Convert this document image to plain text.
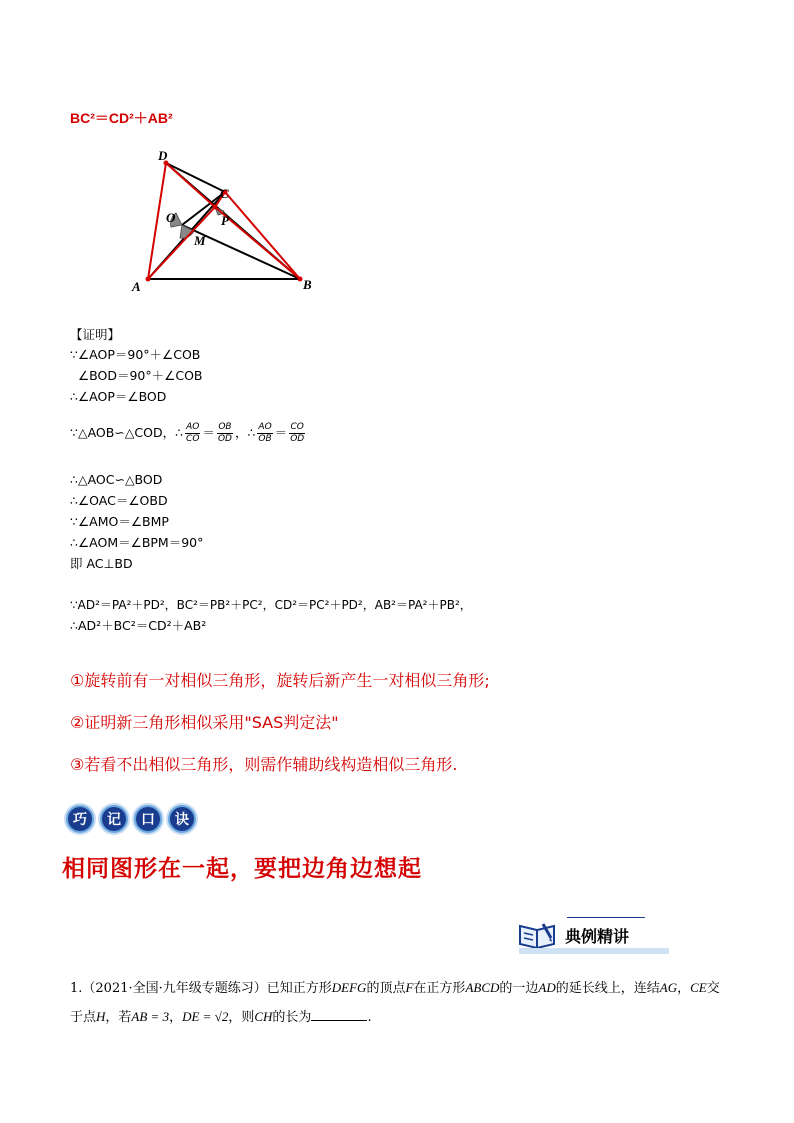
BC²＝CD²＋AB²
D
C
O	P
M
A	B
【证明】
∵∠AOP＝90°＋∠COB
∠BOD＝90°＋∠COB
∴∠AOP＝∠BOD
∵△AOB∽△COD，∴ $\frac{AO}{CO} = \frac{OB}{OD}$ ，∴ $\frac{AO}{OB} = \frac{CO}{OD}$
∴△AOC∽△BOD
∴∠OAC＝∠OBD
∵∠AMO＝∠BMP
∴∠AOM＝∠BPM＝90°
即 AC⊥BD
∵AD²＝PA²＋PD²，BC²＝PB²＋PC²，CD²＝PC²＋PD²，AB²＝PA²＋PB²，
∴AD²＋BC²＝CD²＋AB²
①旋转前有一对相似三角形，旋转后新产生一对相似三角形;
②证明新三角形相似采用"SAS判定法"
③若看不出相似三角形，则需作辅助线构造相似三角形.
巧	记	口	诀
相同图形在一起，要把边角边想起
典例精讲
1.（2021·全国·九年级专题练习）已知正方形DEFG的顶点F在正方形ABCD的一边AD的延长线上，连结AG，CE交于点H，若AB = 3，DE = √2，则CH的长为	.
